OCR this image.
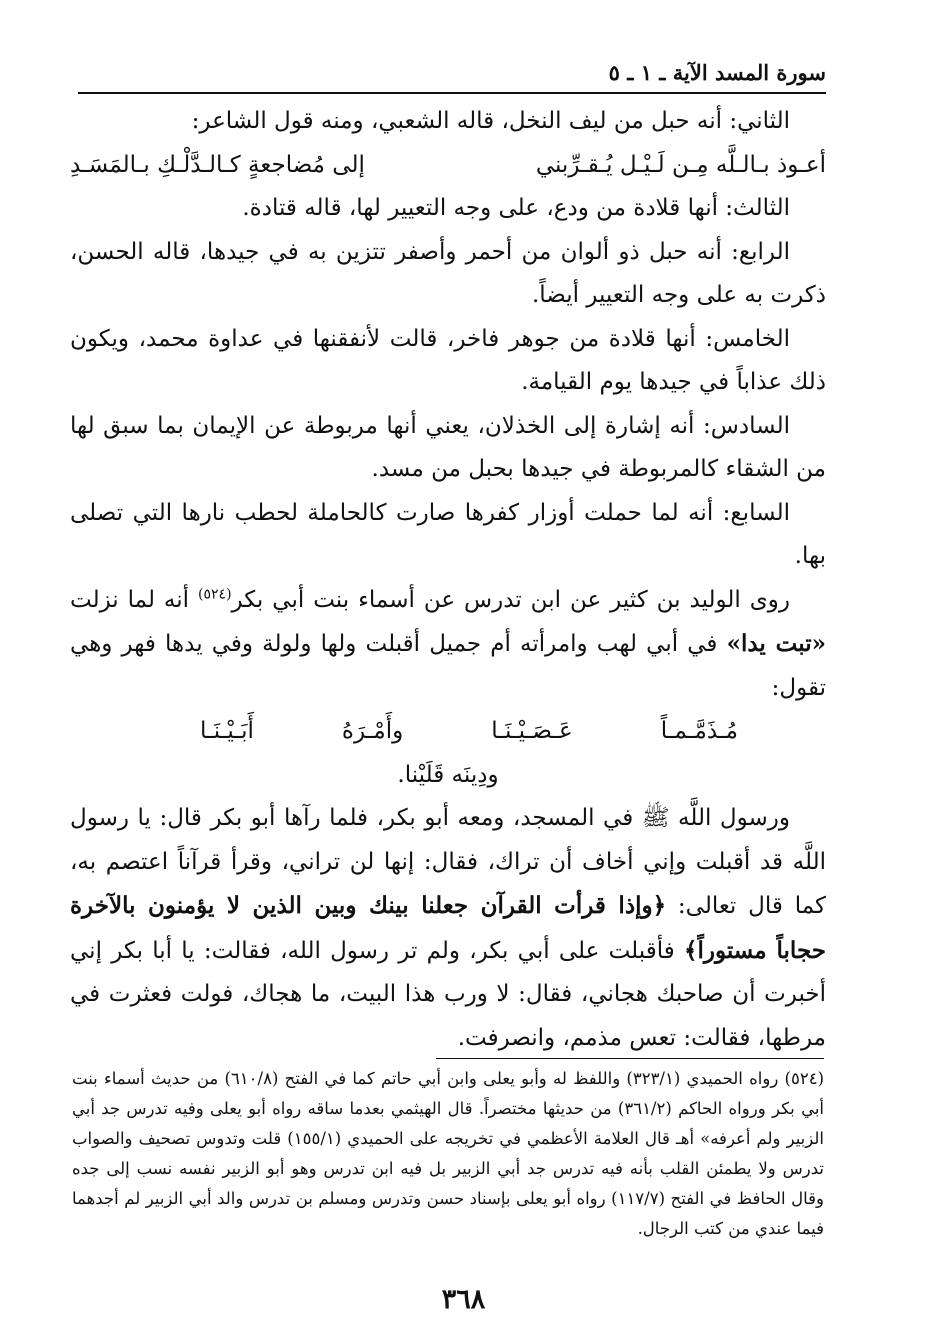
سورة المسد الآية ـ ١ ـ ٥

الثاني: أنه حبل من ليف النخل، قاله الشعبي، ومنه قول الشاعر:

أعـوذ بـالـلَّه مِـن لَـيْـل يُـقـرِّبني
إلى مُضاجعةٍ كـالـدَّلْـكِ بـالمَسَـدِ

الثالث: أنها قلادة من ودع، على وجه التعيير لها، قاله قتادة.

الرابع: أنه حبل ذو ألوان من أحمر وأصفر تتزين به في جيدها، قاله الحسن، ذكرت به على وجه التعيير أيضاً.

الخامس: أنها قلادة من جوهر فاخر، قالت لأنفقنها في عداوة محمد، ويكون ذلك عذاباً في جيدها يوم القيامة.

السادس: أنه إشارة إلى الخذلان، يعني أنها مربوطة عن الإيمان بما سبق لها من الشقاء كالمربوطة في جيدها بحبل من مسد.

السابع: أنه لما حملت أوزار كفرها صارت كالحاملة لحطب نارها التي تصلى بها.

روى الوليد بن كثير عن ابن تدرس عن أسماء بنت أبي بكر$^{(٥٢٤)}$ أنه لما نزلت «تبت يدا» في أبي لهب وامرأته أم جميل أقبلت ولها ولولة وفي يدها فهر وهي تقول:

مُـذَمَّـمـاً
عَـصَـيْـنَـا
وأَمْـرَهُ
أَبَـيْـنَـا
ودِينَه قَلَيْنا.

ورسول اللَّه ﷺ في المسجد، ومعه أبو بكر، فلما رآها أبو بكر قال: يا رسول اللَّه قد أقبلت وإني أخاف أن تراك، فقال: إنها لن تراني، وقرأ قرآناً اعتصم به، كما قال تعالى: ﴿وإذا قرأت القرآن جعلنا بينك وبين الذين لا يؤمنون بالآخرة حجاباً مستوراً﴾ فأقبلت على أبي بكر، ولم تر رسول الله، فقالت: يا أبا بكر إني أخبرت أن صاحبك هجاني، فقال: لا ورب هذا البيت، ما هجاك، فولت فعثرت في مرطها، فقالت: تعس مذمم، وانصرفت.

(٥٢٤) رواه الحميدي (٣٢٣/١) واللفظ له وأبو يعلى وابن أبي حاتم كما في الفتح (٦١٠/٨) من حديث أسماء بنت أبي بكر ورواه الحاكم (٣٦١/٢) من حديثها مختصراً. قال الهيثمي بعدما ساقه رواه أبو يعلى وفيه تدرس جد أبي الزبير ولم أعرفه» أهـ قال العلامة الأعظمي في تخريجه على الحميدي (١٥٥/١) قلت وتدوس تصحيف والصواب تدرس ولا يطمئن القلب بأنه فيه تدرس جد أبي الزبير بل فيه ابن تدرس وهو أبو الزبير نفسه نسب إلى جده وقال الحافظ في الفتح (١١٧/٧) رواه أبو يعلى بإسناد حسن وتدرس ومسلم بن تدرس والد أبي الزبير لم أجدهما فيما عندي من كتب الرجال.

٣٦٨
